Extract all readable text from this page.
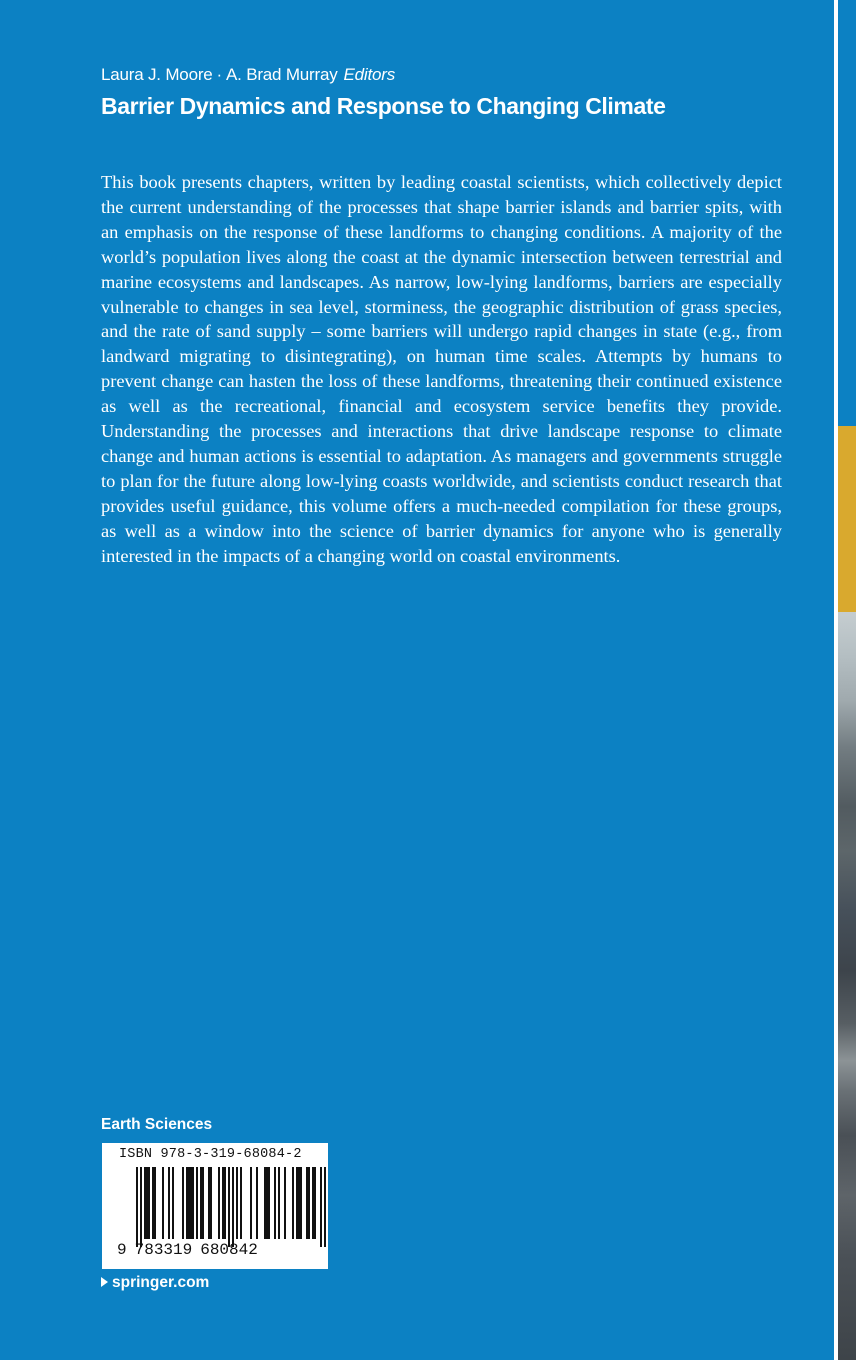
Laura J. Moore · A. Brad Murray Editors
Barrier Dynamics and Response to Changing Climate

This book presents chapters, written by leading coastal scientists, which collectively depict the current understanding of the processes that shape barrier islands and barrier spits, with an emphasis on the response of these landforms to changing conditions. A majority of the world’s population lives along the coast at the dynamic intersection between terrestrial and marine ecosystems and landscapes. As narrow, low-lying landforms, barriers are especially vulnerable to changes in sea level, storminess, the geographic distribution of grass species, and the rate of sand supply – some barriers will undergo rapid changes in state (e.g., from landward migrating to disintegrating), on human time scales. Attempts by humans to prevent change can hasten the loss of these landforms, threatening their continued existence as well as the recreational, financial and ecosystem service benefits they provide. Understanding the processes and interactions that drive landscape response to climate change and human actions is essential to adaptation. As managers and governments struggle to plan for the future along low-lying coasts worldwide, and scientists conduct research that provides useful guidance, this volume offers a much-needed compilation for these groups, as well as a window into the science of barrier dynamics for anyone who is generally interested in the impacts of a changing world on coastal environments.

Earth Sciences
ISBN 978-3-319-68084-2
9 783319 680842
springer.com
